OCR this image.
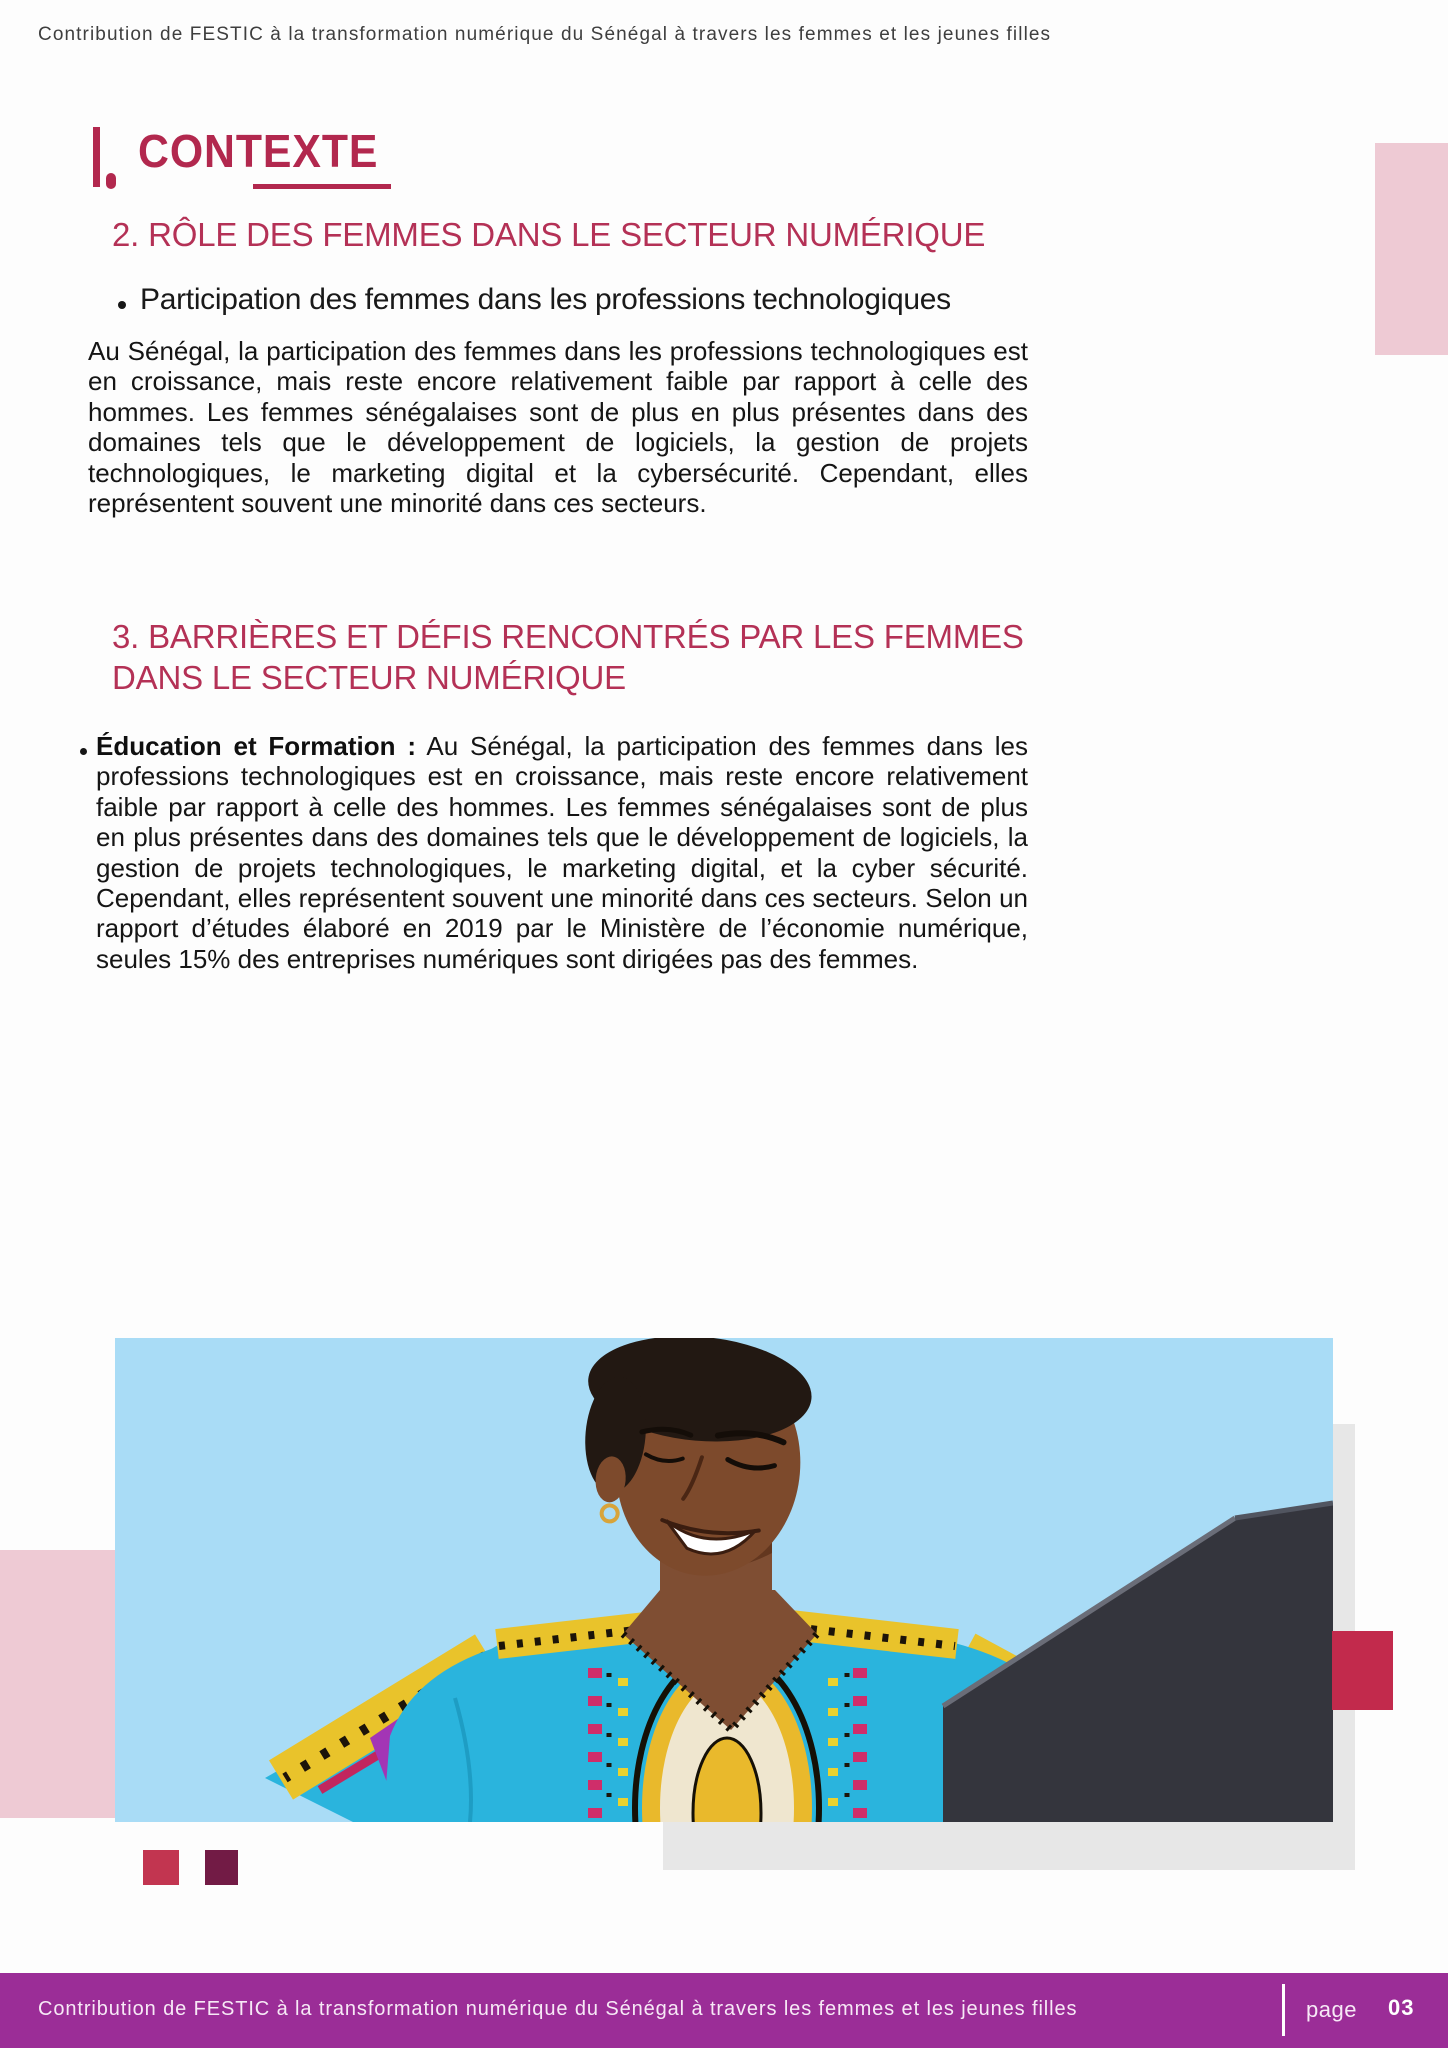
Contribution de FESTIC à la transformation numérique du Sénégal à travers les femmes et les jeunes filles
CONTEXTE
2. RÔLE DES FEMMES DANS LE SECTEUR NUMÉRIQUE
Participation des femmes dans les professions technologiques
Au Sénégal, la participation des femmes dans les professions technologiques est en croissance, mais reste encore relativement faible par rapport à celle des hommes. Les femmes sénégalaises sont de plus en plus présentes dans des domaines tels que le développement de logiciels, la gestion de projets technologiques, le marketing digital et la cybersécurité. Cependant, elles représentent souvent une minorité dans ces secteurs.
3. BARRIÈRES ET DÉFIS RENCONTRÉS PAR LES FEMMES DANS LE SECTEUR NUMÉRIQUE
Éducation et Formation : Au Sénégal, la participation des femmes dans les professions technologiques est en croissance, mais reste encore relativement faible par rapport à celle des hommes. Les femmes sénégalaises sont de plus en plus présentes dans des domaines tels que le développement de logiciels, la gestion de projets technologiques, le marketing digital, et la cyber sécurité. Cependant, elles représentent souvent une minorité dans ces secteurs. Selon un rapport d’études élaboré en 2019 par le Ministère de l’économie numérique, seules 15% des entreprises numériques sont dirigées pas des femmes.
Contribution de FESTIC à la transformation numérique du Sénégal à travers les femmes et les jeunes filles	page 03
